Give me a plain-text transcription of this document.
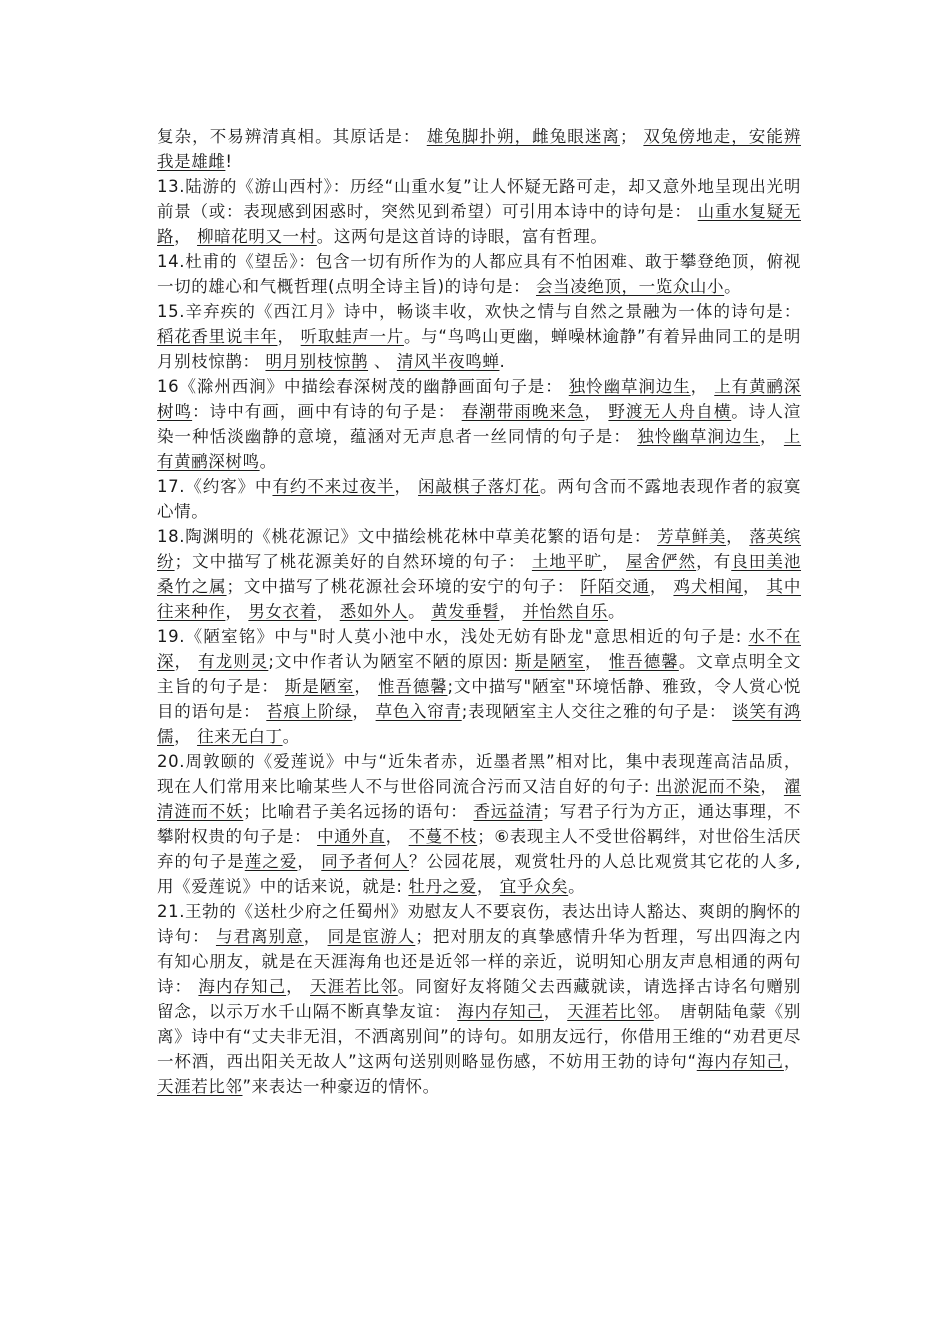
复杂，不易辨清真相。其原话是： 雄兔脚扑朔，雌兔眼迷离； 双兔傍地走，安能辨我是雄雌!

13.陆游的《游山西村》：历经“山重水复”让人怀疑无路可走，却又意外地呈现出光明前景（或：表现感到困惑时，突然见到希望）可引用本诗中的诗句是： 山重水复疑无路， 柳暗花明又一村。这两句是这首诗的诗眼，富有哲理。

14.杜甫的《望岳》：包含一切有所作为的人都应具有不怕困难、敢于攀登绝顶，俯视一切的雄心和气概哲理(点明全诗主旨)的诗句是： 会当凌绝顶，一览众山小。

15.辛弃疾的《西江月》诗中，畅谈丰收，欢快之情与自然之景融为一体的诗句是： 稻花香里说丰年， 听取蛙声一片。与“鸟鸣山更幽，蝉噪林逾静”有着异曲同工的是明月别枝惊鹊： 明月别枝惊鹊 、 清风半夜鸣蝉.

16《滁州西涧》中描绘春深树茂的幽静画面句子是： 独怜幽草涧边生， 上有黄鹂深树鸣：诗中有画，画中有诗的句子是： 春潮带雨晚来急， 野渡无人舟自横。诗人渲染一种恬淡幽静的意境，蕴涵对无声息者一丝同情的句子是： 独怜幽草涧边生， 上有黄鹂深树鸣。

17.《约客》中有约不来过夜半， 闲敲棋子落灯花。两句含而不露地表现作者的寂寞心情。

18.陶渊明的《桃花源记》文中描绘桃花林中草美花繁的语句是： 芳草鲜美， 落英缤纷；文中描写了桃花源美好的自然环境的句子： 土地平旷， 屋舍俨然，有良田美池桑竹之属；文中描写了桃花源社会环境的安宁的句子： 阡陌交通， 鸡犬相闻， 其中往来种作， 男女衣着， 悉如外人。 黄发垂髫， 并怡然自乐。

19.《陋室铭》中与"时人莫小池中水，浅处无妨有卧龙"意思相近的句子是: 水不在深， 有龙则灵;文中作者认为陋室不陋的原因: 斯是陋室， 惟吾德馨。文章点明全文主旨的句子是： 斯是陋室， 惟吾德馨;文中描写"陋室"环境恬静、雅致，令人赏心悦目的语句是： 苔痕上阶绿， 草色入帘青;表现陋室主人交往之雅的句子是： 谈笑有鸿儒， 往来无白丁。

20.周敦颐的《爱莲说》中与“近朱者赤，近墨者黑”相对比，集中表现莲高洁品质，现在人们常用来比喻某些人不与世俗同流合污而又洁自好的句子: 出淤泥而不染， 濯清涟而不妖；比喻君子美名远扬的语句： 香远益清；写君子行为方正，通达事理，不攀附权贵的句子是： 中通外直， 不蔓不枝；⑥表现主人不受世俗羁绊，对世俗生活厌弃的句子是莲之爱， 同予者何人？公园花展，观赏牡丹的人总比观赏其它花的人多,用《爱莲说》中的话来说，就是: 牡丹之爱， 宜乎众矣。

21.王勃的《送杜少府之任蜀州》劝慰友人不要哀伤，表达出诗人豁达、爽朗的胸怀的诗句： 与君离别意， 同是宦游人；把对朋友的真挚感情升华为哲理，写出四海之内有知心朋友，就是在天涯海角也还是近邻一样的亲近，说明知心朋友声息相通的两句诗： 海内存知己， 天涯若比邻。同窗好友将随父去西藏就读，请选择古诗名句赠别留念，以示万水千山隔不断真挚友谊： 海内存知己， 天涯若比邻。　唐朝陆龟蒙《别离》诗中有“丈夫非无泪，不洒离别间”的诗句。如朋友远行，你借用王维的“劝君更尽一杯酒，西出阳关无故人”这两句送别则略显伤感，不妨用王勃的诗句“海内存知己， 天涯若比邻”来表达一种豪迈的情怀。
